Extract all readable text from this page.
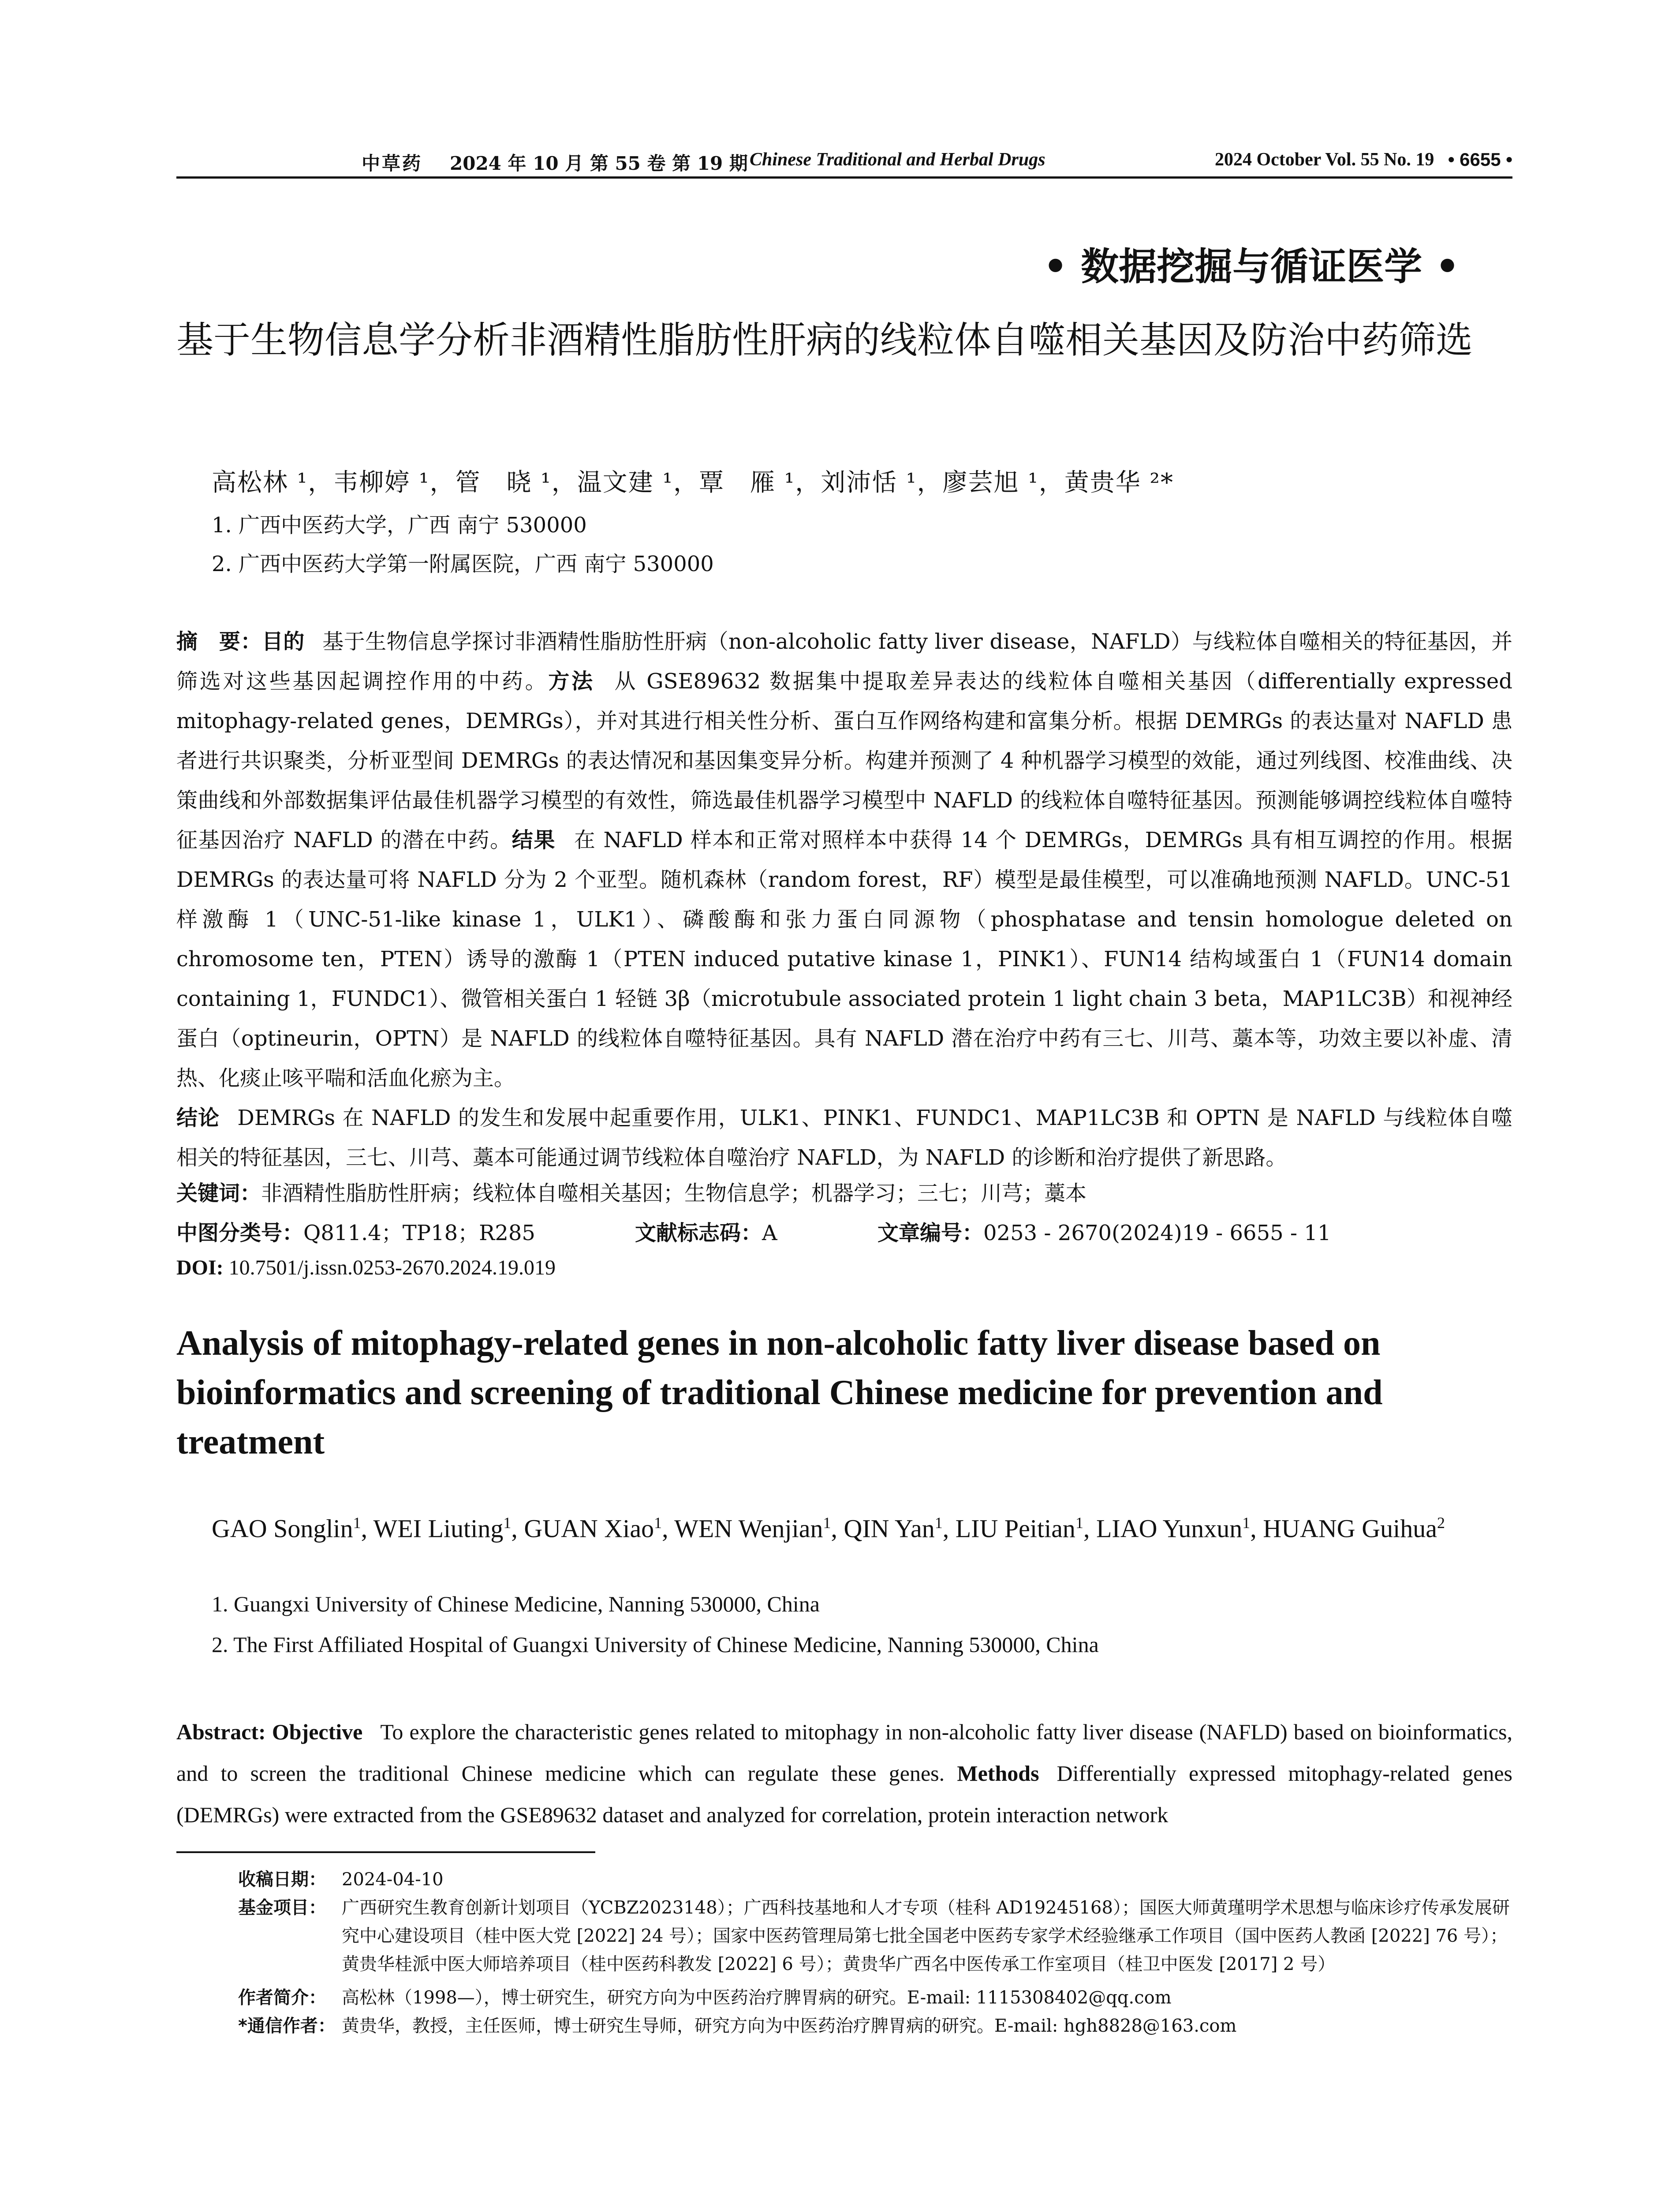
中草药 2024 年 10 月 第 55 卷 第 19 期 Chinese Traditional and Herbal Drugs	2024 October Vol. 55 No. 19 • 6655 •
• 数据挖掘与循证医学 •
基于生物信息学分析非酒精性脂肪性肝病的线粒体自噬相关基因及防治中药筛选
高松林 ¹，韦柳婷 ¹，管　晓 ¹，温文建 ¹，覃　雁 ¹，刘沛恬 ¹，廖芸旭 ¹，黄贵华 ²*
1. 广西中医药大学，广西 南宁 530000
2. 广西中医药大学第一附属医院，广西 南宁 530000
摘　要：目的 基于生物信息学探讨非酒精性脂肪性肝病（non-alcoholic fatty liver disease，NAFLD）与线粒体自噬相关的特征基因，并筛选对这些基因起调控作用的中药。方法 从 GSE89632 数据集中提取差异表达的线粒体自噬相关基因（differentially expressed mitophagy-related genes，DEMRGs），并对其进行相关性分析、蛋白互作网络构建和富集分析。根据 DEMRGs 的表达量对 NAFLD 患者进行共识聚类，分析亚型间 DEMRGs 的表达情况和基因集变异分析。构建并预测了 4 种机器学习模型的效能，通过列线图、校准曲线、决策曲线和外部数据集评估最佳机器学习模型的有效性，筛选最佳机器学习模型中 NAFLD 的线粒体自噬特征基因。预测能够调控线粒体自噬特征基因治疗 NAFLD 的潜在中药。结果 在 NAFLD 样本和正常对照样本中获得 14 个 DEMRGs，DEMRGs 具有相互调控的作用。根据 DEMRGs 的表达量可将 NAFLD 分为 2 个亚型。随机森林（random forest，RF）模型是最佳模型，可以准确地预测 NAFLD。UNC-51 样激酶 1（UNC-51-like kinase 1，ULK1）、磷酸酶和张力蛋白同源物（phosphatase and tensin homologue deleted on chromosome ten，PTEN）诱导的激酶 1（PTEN induced putative kinase 1，PINK1）、FUN14 结构域蛋白 1（FUN14 domain containing 1，FUNDC1）、微管相关蛋白 1 轻链 3β（microtubule associated protein 1 light chain 3 beta，MAP1LC3B）和视神经蛋白（optineurin，OPTN）是 NAFLD 的线粒体自噬特征基因。具有 NAFLD 潜在治疗中药有三七、川芎、藁本等，功效主要以补虚、清热、化痰止咳平喘和活血化瘀为主。
结论 DEMRGs 在 NAFLD 的发生和发展中起重要作用，ULK1、PINK1、FUNDC1、MAP1LC3B 和 OPTN 是 NAFLD 与线粒体自噬相关的特征基因，三七、川芎、藁本可能通过调节线粒体自噬治疗 NAFLD，为 NAFLD 的诊断和治疗提供了新思路。
关键词：非酒精性脂肪性肝病；线粒体自噬相关基因；生物信息学；机器学习；三七；川芎；藁本
中图分类号：Q811.4；TP18；R285	文献标志码：A	文章编号：0253 - 2670(2024)19 - 6655 - 11
DOI: 10.7501/j.issn.0253-2670.2024.19.019
Analysis of mitophagy-related genes in non-alcoholic fatty liver disease based on bioinformatics and screening of traditional Chinese medicine for prevention and treatment
GAO Songlin$^1$, WEI Liuting$^1$, GUAN Xiao$^1$, WEN Wenjian$^1$, QIN Yan$^1$, LIU Peitian$^1$, LIAO Yunxun$^1$, HUANG Guihua$^2$
1. Guangxi University of Chinese Medicine, Nanning 530000, China
2. The First Affiliated Hospital of Guangxi University of Chinese Medicine, Nanning 530000, China
Abstract: Objective To explore the characteristic genes related to mitophagy in non-alcoholic fatty liver disease (NAFLD) based on bioinformatics, and to screen the traditional Chinese medicine which can regulate these genes. Methods Differentially expressed mitophagy-related genes (DEMRGs) were extracted from the GSE89632 dataset and analyzed for correlation, protein interaction network
收稿日期： 2024-04-10
基金项目： 广西研究生教育创新计划项目（YCBZ2023148）；广西科技基地和人才专项（桂科 AD19245168）；国医大师黄瑾明学术思想与临床诊疗传承发展研究中心建设项目（桂中医大党 [2022] 24 号）；国家中医药管理局第七批全国老中医药专家学术经验继承工作项目（国中医药人教函 [2022] 76 号）；黄贵华桂派中医大师培养项目（桂中医药科教发 [2022] 6 号）；黄贵华广西名中医传承工作室项目（桂卫中医发 [2017] 2 号）
作者简介： 高松林（1998—），博士研究生，研究方向为中医药治疗脾胃病的研究。E-mail: 1115308402@qq.com
*通信作者： 黄贵华，教授，主任医师，博士研究生导师，研究方向为中医药治疗脾胃病的研究。E-mail: hgh8828@163.com
